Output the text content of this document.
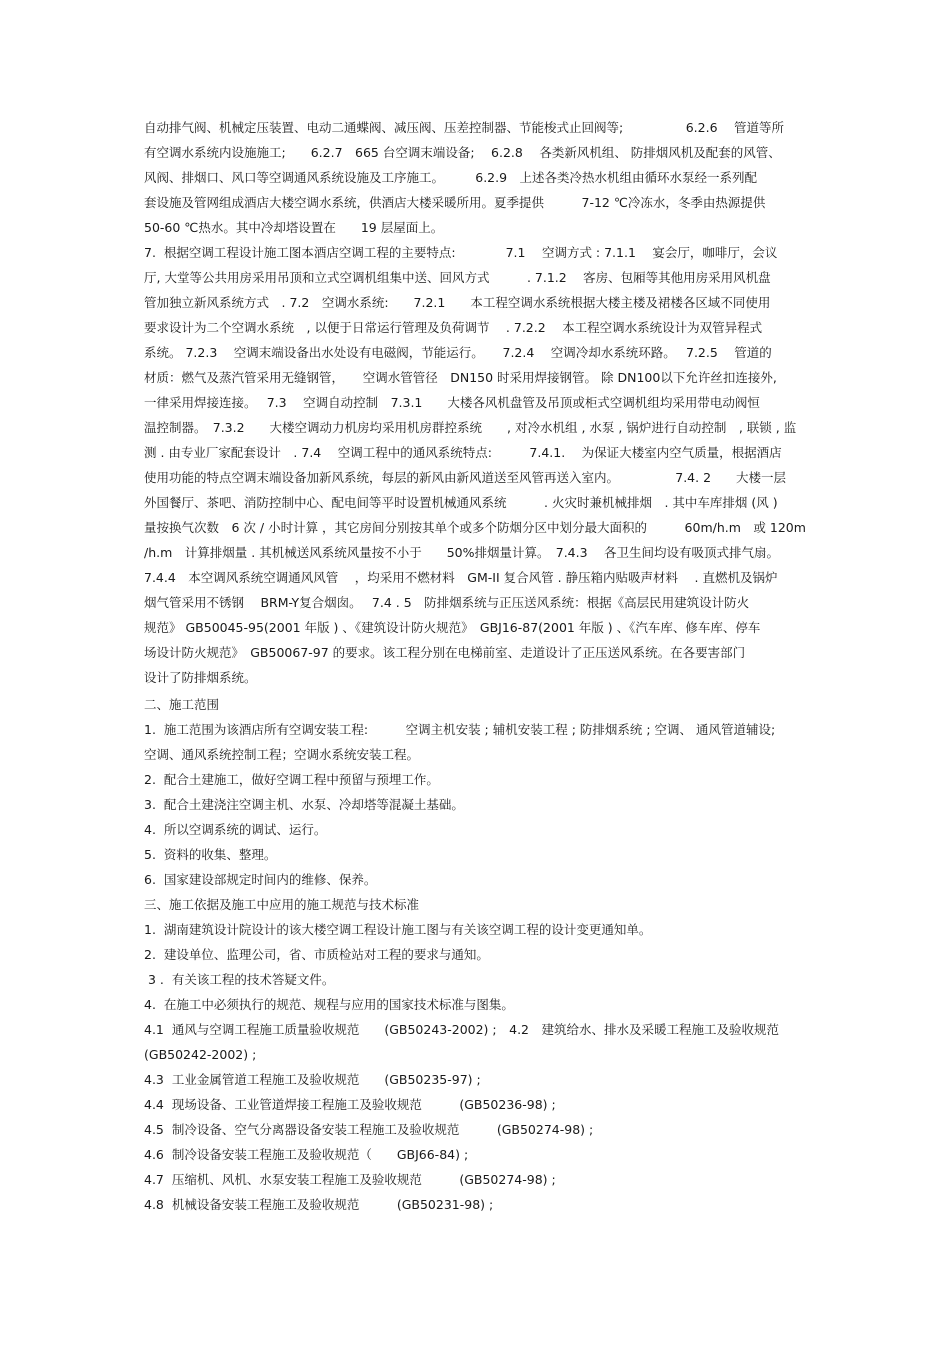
自动排气阀、机械定压装置、电动二通蝶阀、减压阀、压差控制器、节能梭式止回阀等;　　　　　6.2.6　 管道等所
有空调水系统内设施施工;　　6.2.7　665 台空调末端设备;　 6.2.8　 各类新风机组、 防排烟风机及配套的风管、
风阀、排烟口、风口等空调通风系统设施及工序施工。　　　6.2.9　上述各类冷热水机组由循环水泵经一系列配
套设施及管网组成酒店大楼空调水系统，供酒店大楼采暖所用。夏季提供　　　7-12 ℃冷冻水，冬季由热源提供
50-60 ℃热水。其中冷却塔设置在　　19 层屋面上。
7.  根据空调工程设计施工图本酒店空调工程的主要特点:　　　　7.1　 空调方式 : 7.1.1　 宴会厅，咖啡厅，会议
厅, 大堂等公共用房采用吊顶和立式空调机组集中送、回风方式　　　. 7.1.2　 客房、包厢等其他用房采用风机盘
管加独立新风系统方式　. 7.2　空调水系统:　　7.2.1　　本工程空调水系统根据大楼主楼及裙楼各区域不同使用
要求设计为二个空调水系统　, 以便于日常运行管理及负荷调节　 . 7.2.2　 本工程空调水系统设计为双管异程式
系统。 7.2.3　 空调末端设备出水处设有电磁阀，节能运行。　　7.2.4　 空调冷却水系统环路。　 7.2.5　 管道的
材质：燃气及蒸汽管采用无缝钢管，　　空调水管管径　DN150 时采用焊接钢管。 除 DN100以下允许丝扣连接外,
一律采用焊接连接。　 7.3　 空调自动控制　7.3.1　　大楼各风机盘管及吊顶或柜式空调机组均采用带电动阀恒
温控制器。　7.3.2　　大楼空调动力机房均采用机房群控系统　　, 对冷水机组 , 水泵 , 锅炉进行自动控制　, 联锁 , 监
测 . 由专业厂家配套设计　. 7.4　 空调工程中的通风系统特点:　　　7.4.1.　 为保证大楼室内空气质量，根据酒店
使用功能的特点空调末端设备加新风系统，每层的新风由新风道送至风管再送入室内。　　　　　7.4. 2　　大楼一层
外国餐厅、茶吧、消防控制中心、配电间等平时设置机械通风系统　　　. 火灾时兼机械排烟　. 其中车库排烟 (风 )
量按换气次数　6 次 / 小时计算 ，其它房间分别按其单个或多个防烟分区中划分最大面积的　　　60m/h.m　或 120m
/h.m　计算排烟量 . 其机械送风系统风量按不小于　　50%排烟量计算。　7.4.3　 各卫生间均设有吸顶式排气扇。
7.4.4　本空调风系统空调通风风管　 ，均采用不燃材料　GM-II 复合风管 . 静压箱内贴吸声材料　 . 直燃机及锅炉
烟气管采用不锈钢　 BRM-Y复合烟囱。　 7.4 . 5　防排烟系统与正压送风系统：根据《高层民用建筑设计防火
规范》 GB50045-95(2001 年版 ) 、《建筑设计防火规范》　GBJ16-87(2001 年版 ) 、《汽车库、修车库、停车
场设计防火规范》　GB50067-97 的要求。该工程分别在电梯前室、走道设计了正压送风系统。在各要害部门
设计了防排烟系统。
二、施工范围
1.  施工范围为该酒店所有空调安装工程:　　　空调主机安装 ; 辅机安装工程 ; 防排烟系统 ; 空调、 通风管道辅设;
空调、通风系统控制工程；空调水系统安装工程。
2.  配合土建施工，做好空调工程中预留与预埋工作。
3.  配合土建浇注空调主机、水泵、冷却塔等混凝土基础。
4.  所以空调系统的调试、运行。
5.  资料的收集、整理。
6.  国家建设部规定时间内的维修、保养。
三、施工依据及施工中应用的施工规范与技术标准
1.  湖南建筑设计院设计的该大楼空调工程设计施工图与有关该空调工程的设计变更通知单。
2.  建设单位、监理公司，省、市质检站对工程的要求与通知。
3 .  有关该工程的技术答疑文件。
4.  在施工中必须执行的规范、规程与应用的国家技术标准与图集。
4.1  通风与空调工程施工质量验收规范　　(GB50243-2002) ;　4.2　建筑给水、排水及采暖工程施工及验收规范
(GB50242-2002) ;
4.3  工业金属管道工程施工及验收规范　　(GB50235-97) ;
4.4  现场设备、工业管道焊接工程施工及验收规范　　　(GB50236-98) ;
4.5  制冷设备、空气分离器设备安装工程施工及验收规范　　　(GB50274-98) ;
4.6  制冷设备安装工程施工及验收规范（　　GBJ66-84) ;
4.7  压缩机、风机、水泵安装工程施工及验收规范　　　(GB50274-98) ;
4.8  机械设备安装工程施工及验收规范　　　(GB50231-98) ;
